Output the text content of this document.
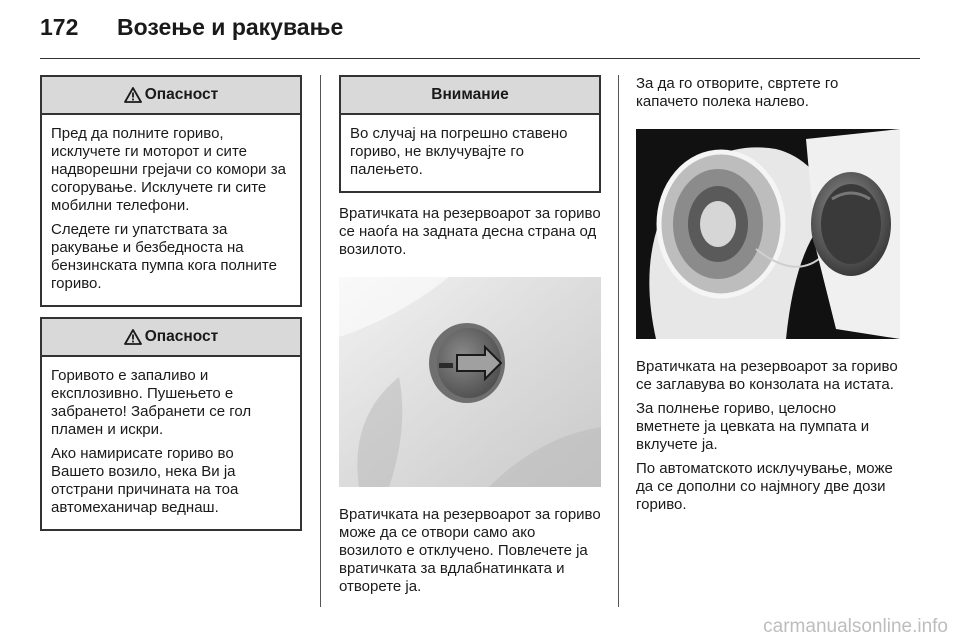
172 Возење и ракување
Опасност

Пред да полните гориво, исклучете ги моторот и сите надворешни грејачи со комори за согорување. Исклучете ги сите мобилни телефони.

Следете ги упатствата за ракување и безбедноста на бензинската пумпа кога полните гориво.

Опасност

Горивото е запаливо и експлозивно. Пушењето е забрането! Забранети се гол пламен и искри.

Ако намирисате гориво во Вашето возило, нека Ви ја отстрани причината на тоа автомеханичар веднаш.

Внимание

Во случај на погрешно ставено гориво, не вклучувајте го палењето.

Вратичката на резервоарот за гориво се наоѓа на задната десна страна од возилото.

Вратичката на резервоарот за гориво може да се отвори само ако возилото е отклучено. Повлечете ја вратичката за вдлабнатинката и отворете ја.

За да го отворите, свртете го капачето полека налево.

Вратичката на резервоарот за гориво се заглавува во конзолата на истата.

За полнење гориво, целосно вметнете ја цевката на пумпата и вклучете ја.

По автоматското исклучување, може да се дополни со најмногу две дози гориво.

carmanualsonline.info
